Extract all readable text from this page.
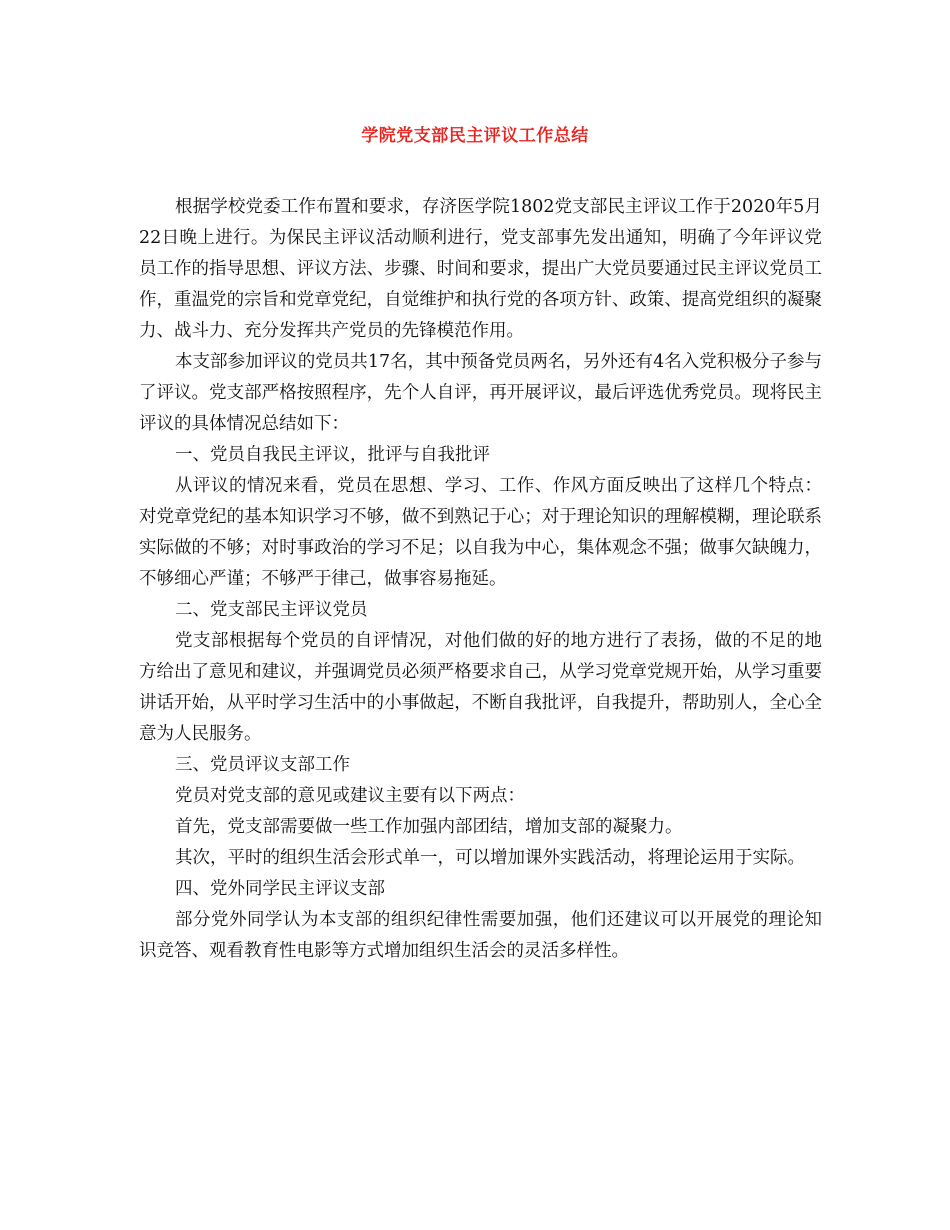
学院党支部民主评议工作总结

根据学校党委工作布置和要求，存济医学院1802党支部民主评议工作于2020年5月22日晚上进行。为保民主评议活动顺利进行，党支部事先发出通知，明确了今年评议党员工作的指导思想、评议方法、步骤、时间和要求，提出广大党员要通过民主评议党员工作，重温党的宗旨和党章党纪，自觉维护和执行党的各项方针、政策、提高党组织的凝聚力、战斗力、充分发挥共产党员的先锋模范作用。

本支部参加评议的党员共17名，其中预备党员两名，另外还有4名入党积极分子参与了评议。党支部严格按照程序，先个人自评，再开展评议，最后评选优秀党员。现将民主评议的具体情况总结如下：

一、党员自我民主评议，批评与自我批评

从评议的情况来看，党员在思想、学习、工作、作风方面反映出了这样几个特点：对党章党纪的基本知识学习不够，做不到熟记于心；对于理论知识的理解模糊，理论联系实际做的不够；对时事政治的学习不足；以自我为中心，集体观念不强；做事欠缺魄力，不够细心严谨；不够严于律己，做事容易拖延。

二、党支部民主评议党员

党支部根据每个党员的自评情况，对他们做的好的地方进行了表扬，做的不足的地方给出了意见和建议，并强调党员必须严格要求自己，从学习党章党规开始，从学习重要讲话开始，从平时学习生活中的小事做起，不断自我批评，自我提升，帮助别人，全心全意为人民服务。

三、党员评议支部工作

党员对党支部的意见或建议主要有以下两点：

首先，党支部需要做一些工作加强内部团结，增加支部的凝聚力。

其次，平时的组织生活会形式单一，可以增加课外实践活动，将理论运用于实际。

四、党外同学民主评议支部

部分党外同学认为本支部的组织纪律性需要加强，他们还建议可以开展党的理论知识竞答、观看教育性电影等方式增加组织生活会的灵活多样性。
